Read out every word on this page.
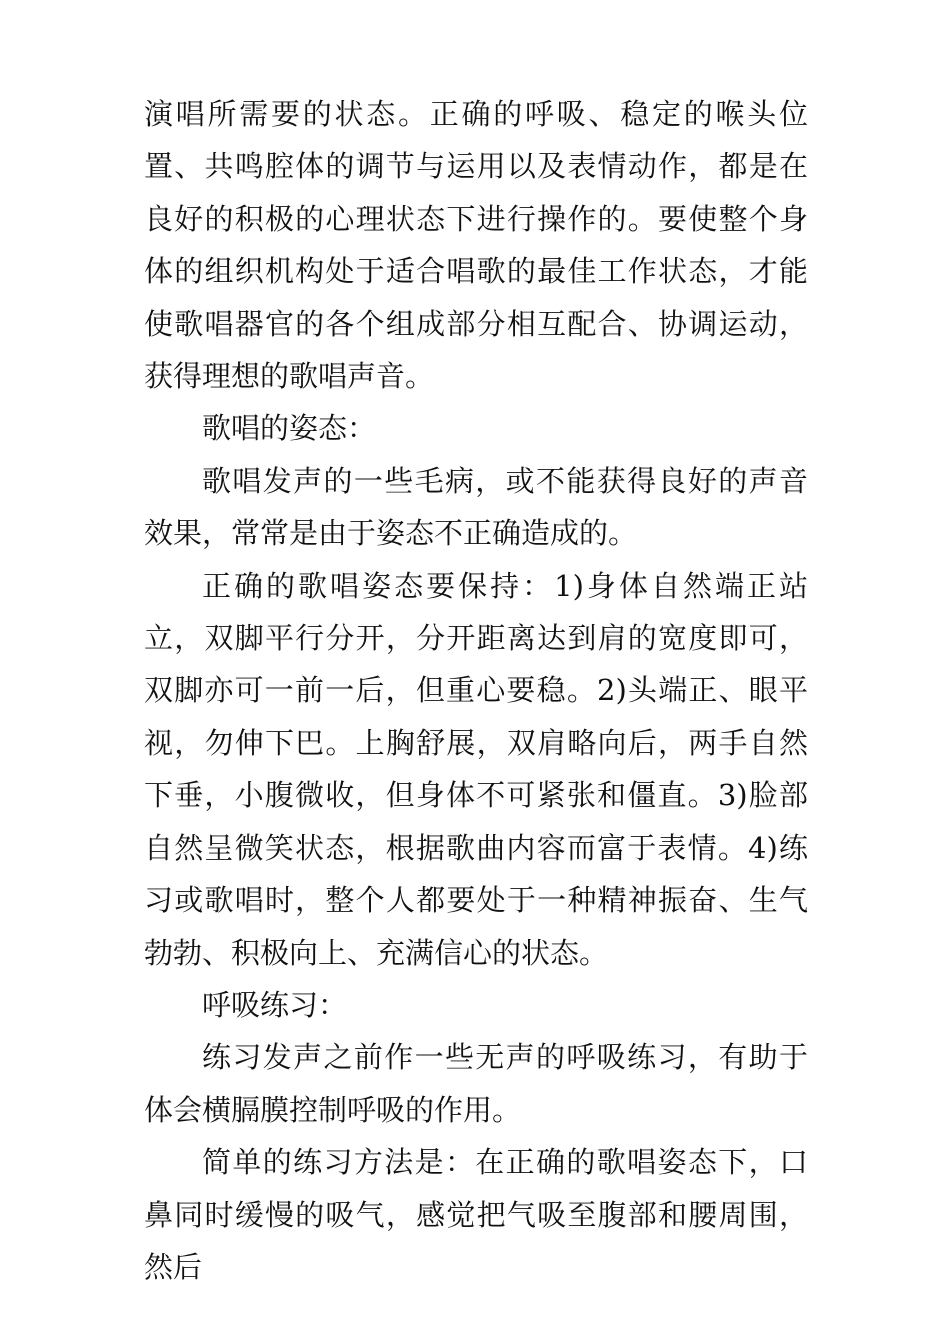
演唱所需要的状态。正确的呼吸、稳定的喉头位置、共鸣腔体的调节与运用以及表情动作，都是在良好的积极的心理状态下进行操作的。要使整个身体的组织机构处于适合唱歌的最佳工作状态，才能使歌唱器官的各个组成部分相互配合、协调运动，获得理想的歌唱声音。

歌唱的姿态：

歌唱发声的一些毛病，或不能获得良好的声音效果，常常是由于姿态不正确造成的。

正确的歌唱姿态要保持：1)身体自然端正站立，双脚平行分开，分开距离达到肩的宽度即可，双脚亦可一前一后，但重心要稳。2)头端正、眼平视，勿伸下巴。上胸舒展，双肩略向后，两手自然下垂，小腹微收，但身体不可紧张和僵直。3)脸部自然呈微笑状态，根据歌曲内容而富于表情。4)练习或歌唱时，整个人都要处于一种精神振奋、生气勃勃、积极向上、充满信心的状态。

呼吸练习：

练习发声之前作一些无声的呼吸练习，有助于体会横膈膜控制呼吸的作用。

简单的练习方法是：在正确的歌唱姿态下，口鼻同时缓慢的吸气，感觉把气吸至腹部和腰周围，然后
